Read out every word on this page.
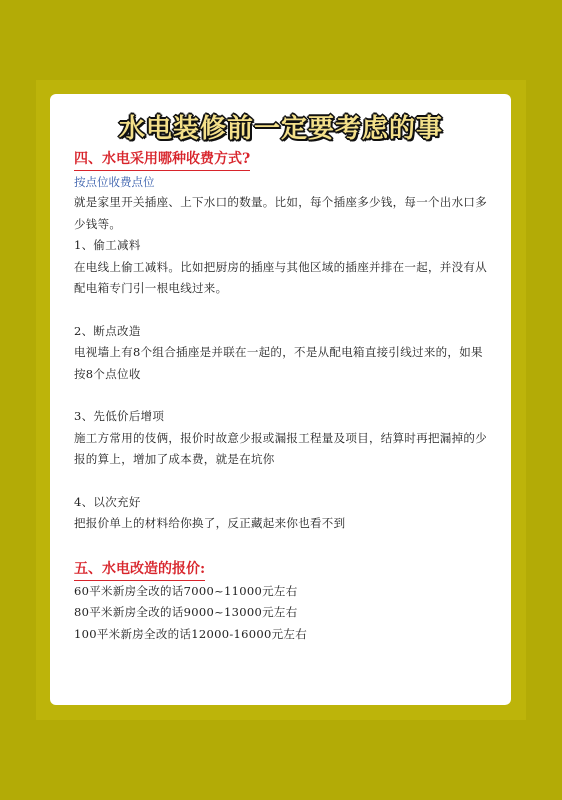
水电装修前一定要考虑的事
四、水电采用哪种收费方式?
按点位收费点位

就是家里开关插座、上下水口的数量。比如，每个插座多少钱，每一个出水口多

少钱等。

1、偷工减料

在电线上偷工减料。比如把厨房的插座与其他区域的插座并排在一起，并没有从

配电箱专门引一根电线过来。

2、断点改造

电视墙上有8个组合插座是并联在一起的，不是从配电箱直接引线过来的，如果

按8个点位收

3、先低价后增项

施工方常用的伎俩，报价时故意少报或漏报工程量及项目，结算时再把漏掉的少

报的算上，增加了成本费，就是在坑你

4、以次充好

把报价单上的材料给你换了，反正藏起来你也看不到

五、水电改造的报价:

60平米新房全改的话7000~11000元左右

80平米新房全改的话9000~13000元左右

100平米新房全改的话12000-16000元左右
